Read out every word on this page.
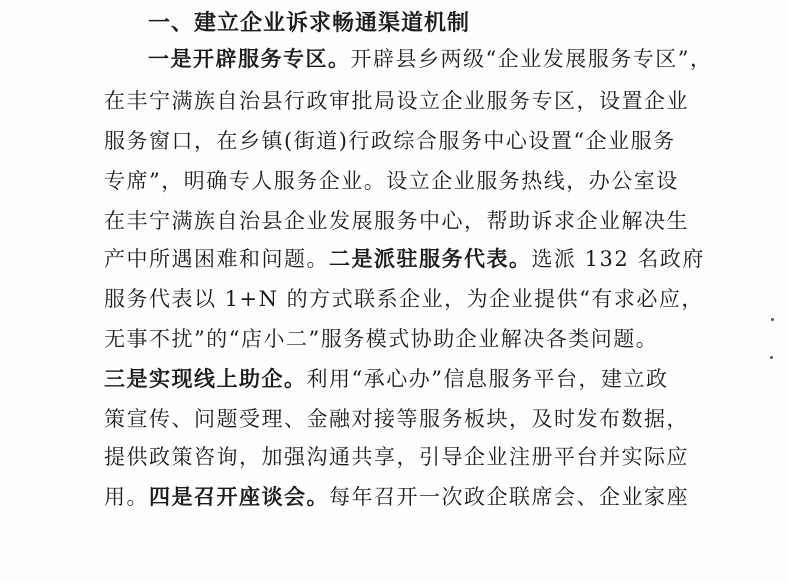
一、建立企业诉求畅通渠道机制
一是开辟服务专区。开辟县乡两级“企业发展服务专区”，
在丰宁满族自治县行政审批局设立企业服务专区，设置企业
服务窗口，在乡镇(街道)行政综合服务中心设置“企业服务
专席”，明确专人服务企业。设立企业服务热线，办公室设
在丰宁满族自治县企业发展服务中心，帮助诉求企业解决生
产中所遇困难和问题。二是派驻服务代表。选派 132 名政府
服务代表以 1+N 的方式联系企业，为企业提供“有求必应，
无事不扰”的“店小二”服务模式协助企业解决各类问题。
三是实现线上助企。利用“承心办”信息服务平台，建立政
策宣传、问题受理、金融对接等服务板块，及时发布数据，
提供政策咨询，加强沟通共享，引导企业注册平台并实际应
用。四是召开座谈会。每年召开一次政企联席会、企业家座
